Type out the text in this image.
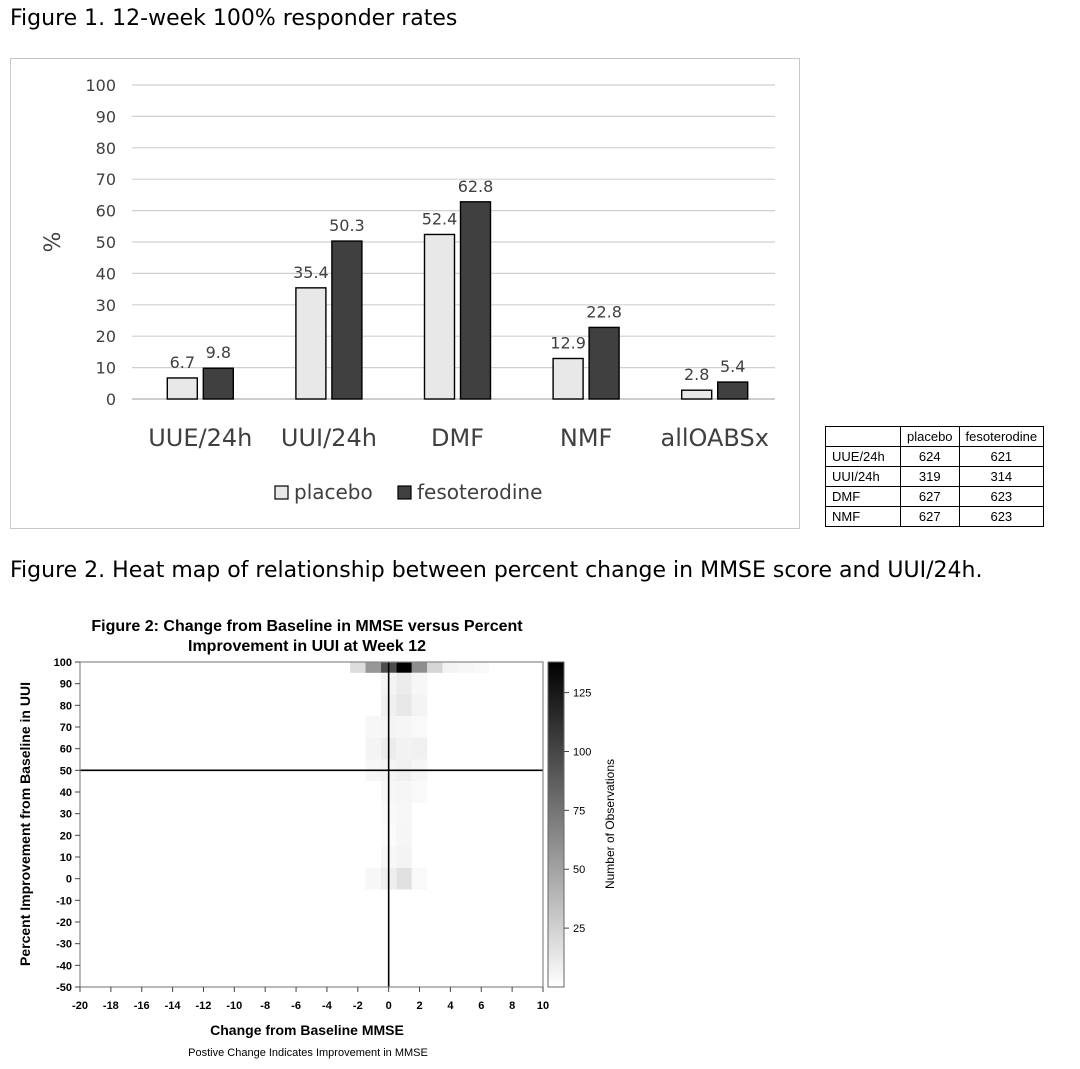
Figure 1. 12-week 100% responder rates
0
10
20
30
40
50
60
70
80
90
100
%
6.7
9.8
UUE/24h
35.4
50.3
UUI/24h
52.4
62.8
DMF
12.9
22.8
NMF
2.8 5.4
allOABSx
placebo fesoterodine
	placebo	fesoterodine
UUE/24h	624	621
UUI/24h	319	314
DMF	627	623
NMF	627	623
Figure 2. Heat map of relationship between percent change in MMSE score and UUI/24h.
Figure 2: Change from Baseline in MMSE versus Percent
Improvement in UUI at Week 12
100
90
80
70
60
50
40
30
20
10
0
-10
-20
-30
-40
-50
-20 -18 -16 -14 -12 -10 -8 -6 -4 -2 0 2 4 6 8 10
Change from Baseline MMSE
Postive Change Indicates Improvement in MMSE
Percent Improvement from Baseline in UUI	25
50
75
100
125
Number of Observations
